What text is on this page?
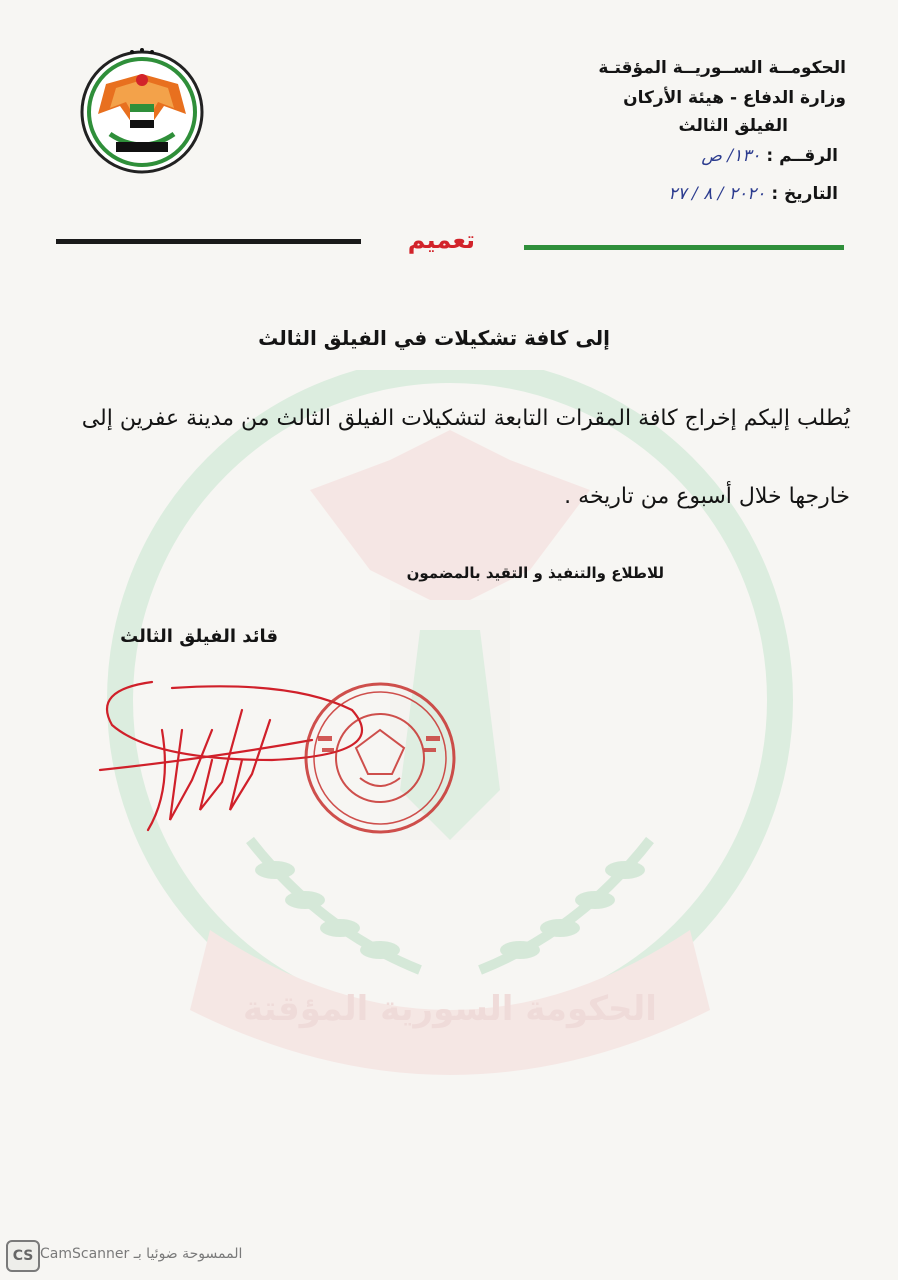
الحكومة السورية المؤقتة
الحكومــة الســوريــة المؤقتـة
وزارة الدفاع - هيئة الأركان
الفيلق الثالث
الرقــم : ١٣٠/ ص
التاريخ : ٢٠٢٠ / ٨ / ٢٧
تعميم
إلى كافة تشكيلات في الفيلق الثالث
يُطلب إليكم إخراج كافة المقرات التابعة لتشكيلات الفيلق الثالث من مدينة عفرين إلى
خارجها خلال أسبوع من تاريخه .
للاطلاع والتنفيذ و التقيد بالمضمون
قائد الفيلق الثالث
CS CamScanner الممسوحة ضوئيا بـ
